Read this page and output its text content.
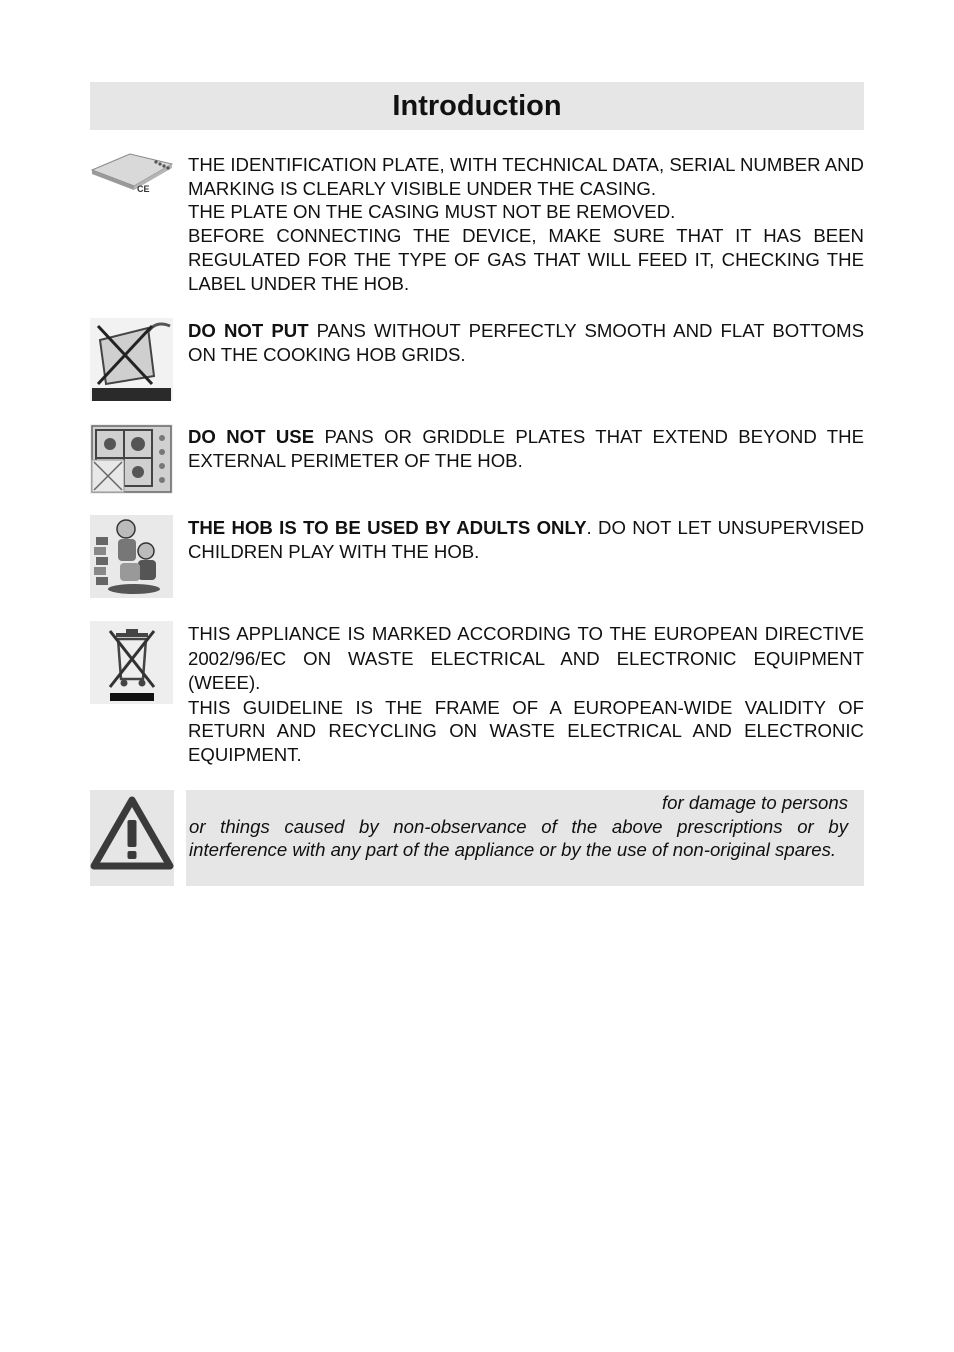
Introduction
CE

THE IDENTIFICATION PLATE, WITH TECHNICAL DATA, SERIAL NUMBER AND MARKING IS CLEARLY VISIBLE UNDER THE CASING.

THE PLATE ON THE CASING MUST NOT BE REMOVED.

BEFORE CONNECTING THE DEVICE, MAKE SURE THAT IT HAS BEEN REGULATED FOR THE TYPE OF GAS THAT WILL FEED IT, CHECKING THE LABEL UNDER THE HOB.

DO NOT PUT PANS WITHOUT PERFECTLY SMOOTH AND FLAT BOTTOMS ON THE COOKING HOB GRIDS.

DO NOT USE PANS OR GRIDDLE PLATES THAT EXTEND BEYOND THE EXTERNAL PERIMETER OF THE HOB.

THE HOB IS TO BE USED BY ADULTS ONLY. DO NOT LET UNSUPERVISED CHILDREN PLAY WITH THE HOB.

THIS APPLIANCE IS MARKED ACCORDING TO THE EUROPEAN DIRECTIVE 2002/96/EC ON WASTE ELECTRICAL AND ELECTRONIC EQUIPMENT (WEEE).

THIS GUIDELINE IS THE FRAME OF A EUROPEAN-WIDE VALIDITY OF RETURN AND RECYCLING ON WASTE ELECTRICAL AND ELECTRONIC EQUIPMENT.

for damage to persons
or things caused by non-observance of the above prescriptions or by interference with any part of the appliance or by the use of non-original spares.
